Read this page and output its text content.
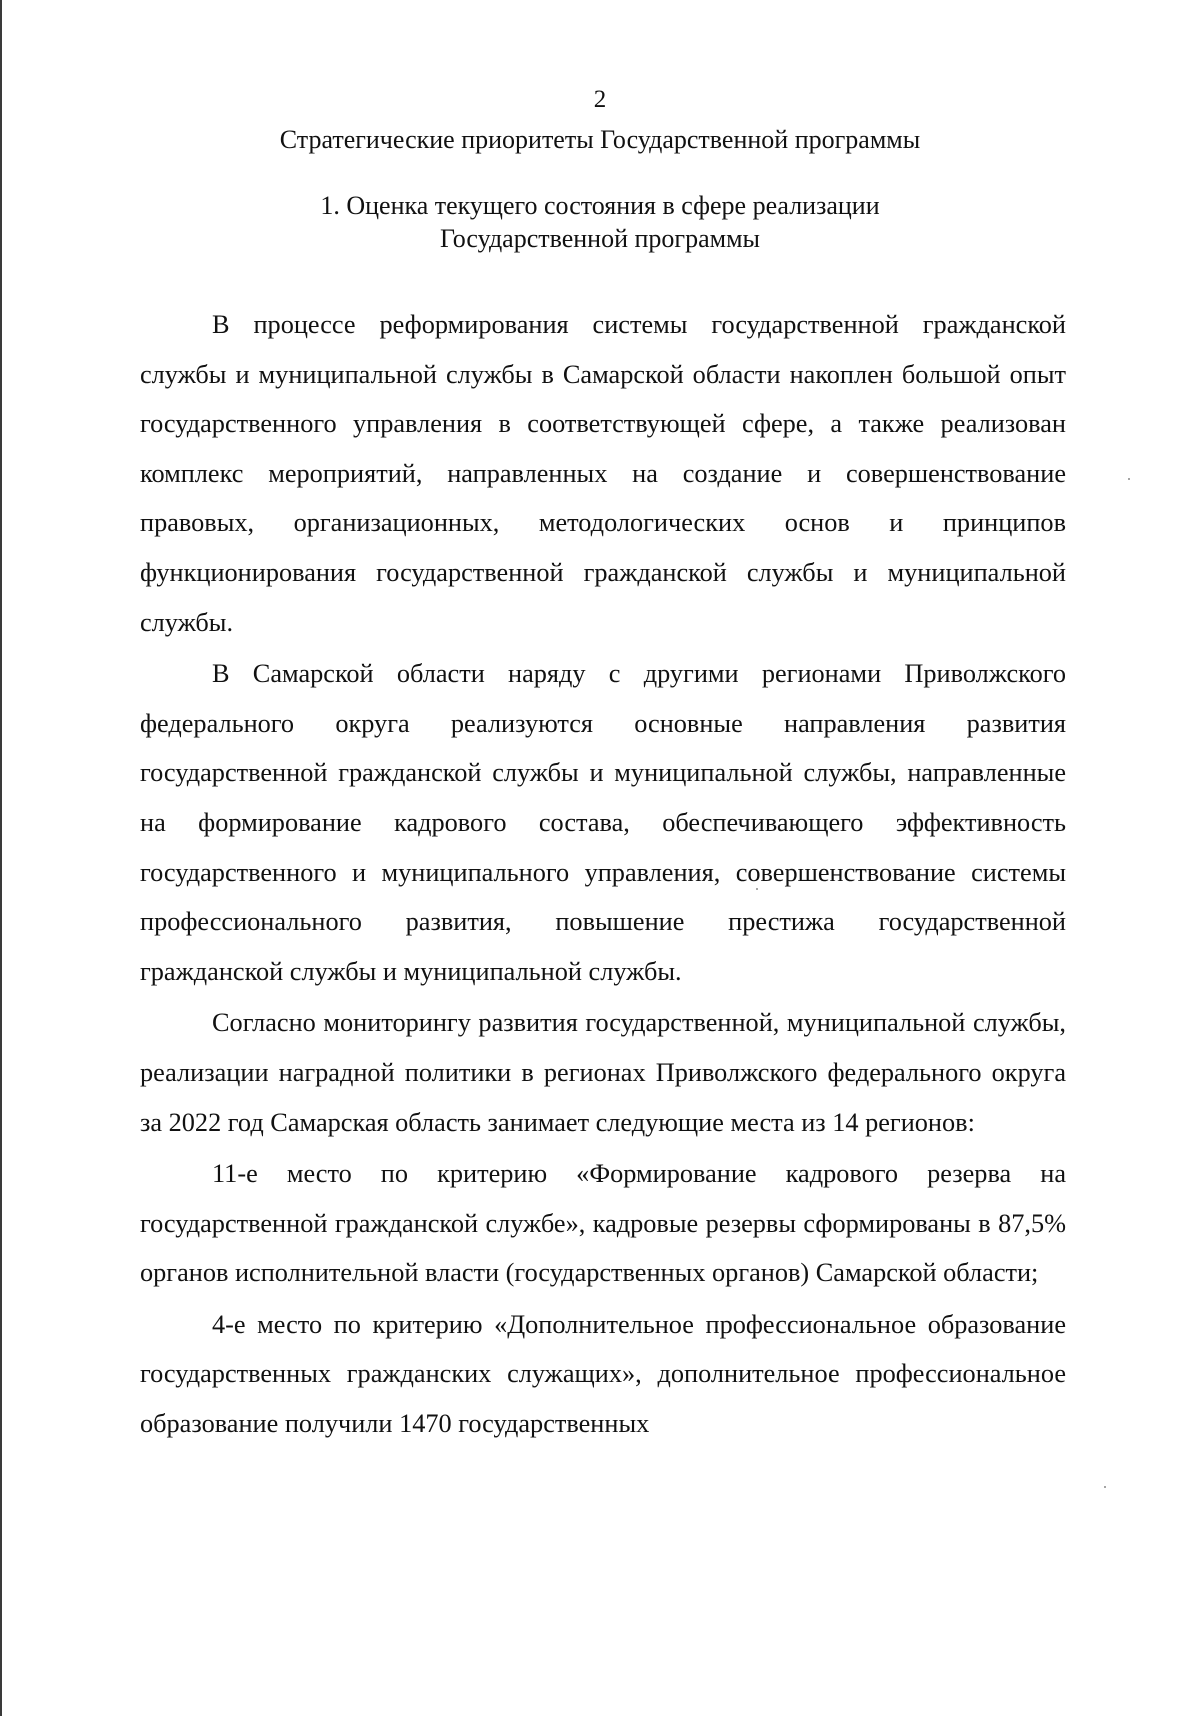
2
Стратегические приоритеты Государственной программы
1. Оценка текущего состояния в сфере реализации
Государственной программы

В процессе реформирования системы государственной гражданской службы и муниципальной службы в Самарской области накоплен большой опыт государственного управления в соответствующей сфере, а также реализован комплекс мероприятий, направленных на создание и совершенствование правовых, организационных, методологических основ и принципов функционирования государственной гражданской службы и муниципальной службы.

В Самарской области наряду с другими регионами Приволжского федерального округа реализуются основные направления развития государственной гражданской службы и муниципальной службы, направленные на формирование кадрового состава, обеспечивающего эффективность государственного и муниципального управления, совершенствование системы профессионального развития, повышение престижа государственной гражданской службы и муниципальной службы.

Согласно мониторингу развития государственной, муниципальной службы, реализации наградной политики в регионах Приволжского федерального округа за 2022 год Самарская область занимает следующие места из 14 регионов:

11-е место по критерию «Формирование кадрового резерва на государственной гражданской службе», кадровые резервы сформированы в 87,5% органов исполнительной власти (государственных органов) Самарской области;

4-е место по критерию «Дополнительное профессиональное образование государственных гражданских служащих», дополнительное профессиональное образование получили 1470 государственных
